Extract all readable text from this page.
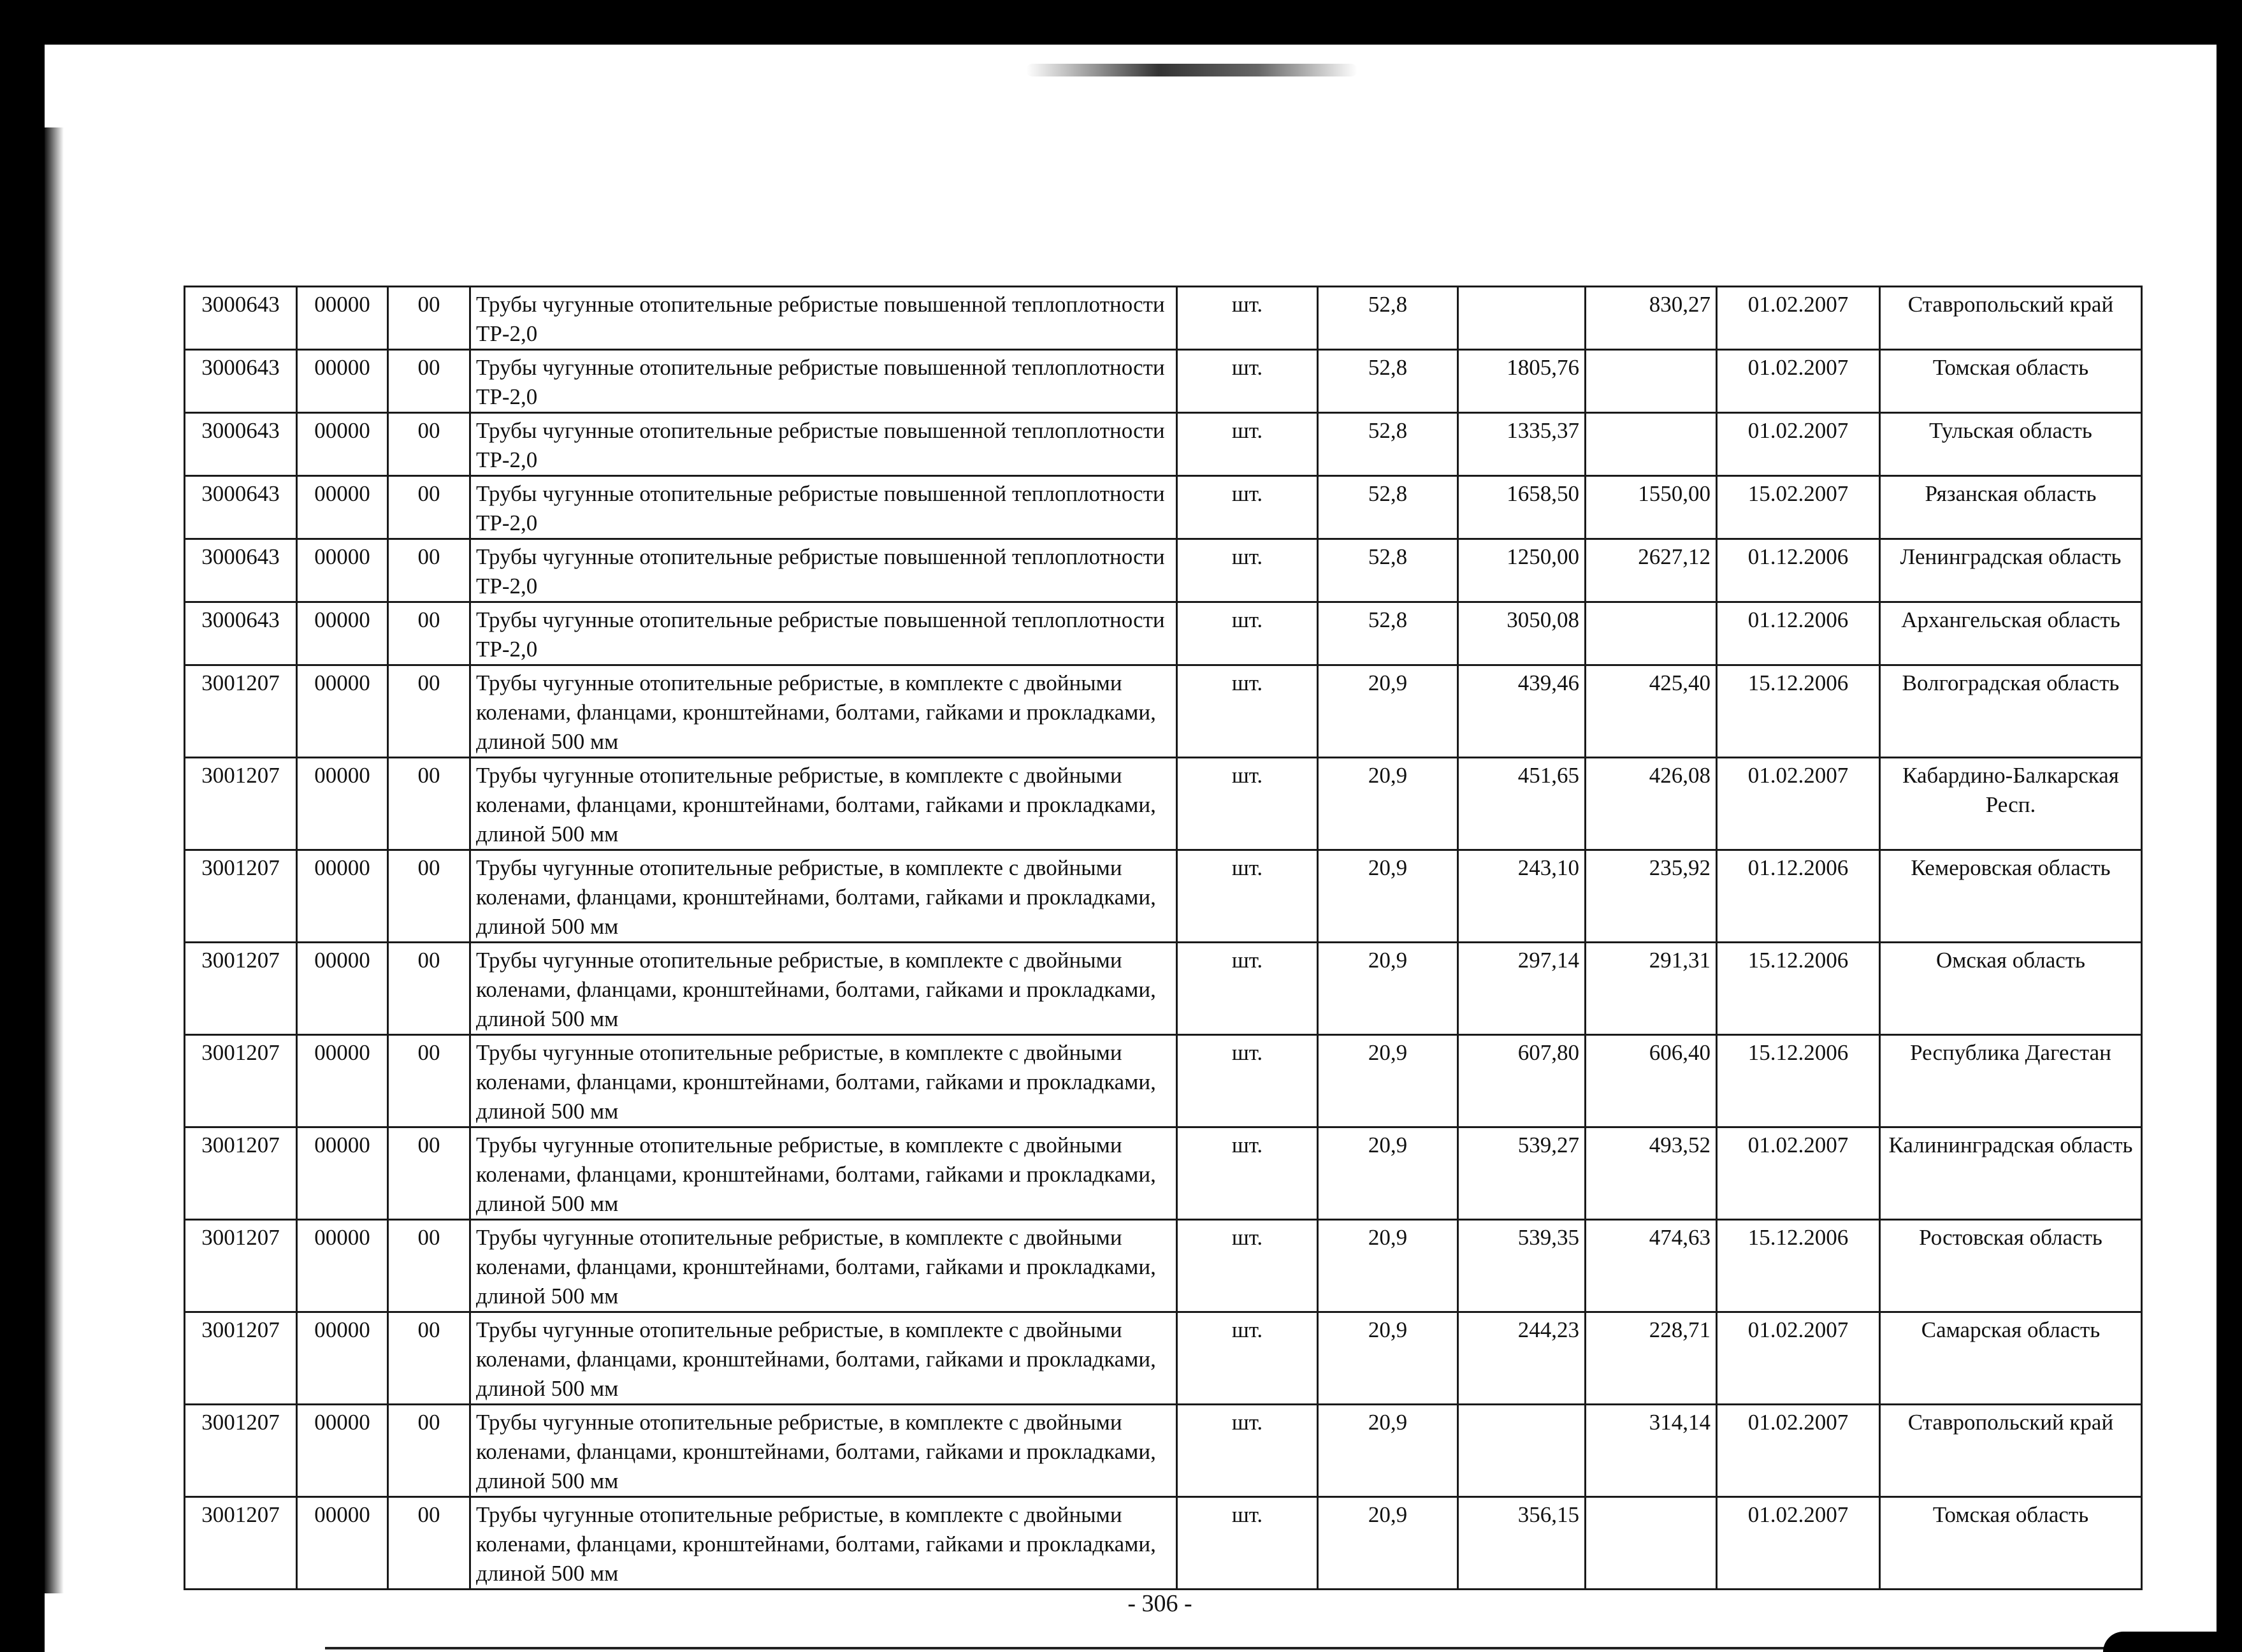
3000643	00000	00	Трубы чугунные отопительные ребристые повышенной теплоплотности ТР-2,0	шт.	52,8		830,27	01.02.2007	Ставропольский край
3000643	00000	00	Трубы чугунные отопительные ребристые повышенной теплоплотности ТР-2,0	шт.	52,8	1805,76		01.02.2007	Томская область
3000643	00000	00	Трубы чугунные отопительные ребристые повышенной теплоплотности ТР-2,0	шт.	52,8	1335,37		01.02.2007	Тульская область
3000643	00000	00	Трубы чугунные отопительные ребристые повышенной теплоплотности ТР-2,0	шт.	52,8	1658,50	1550,00	15.02.2007	Рязанская область
3000643	00000	00	Трубы чугунные отопительные ребристые повышенной теплоплотности ТР-2,0	шт.	52,8	1250,00	2627,12	01.12.2006	Ленинградская область
3000643	00000	00	Трубы чугунные отопительные ребристые повышенной теплоплотности ТР-2,0	шт.	52,8	3050,08		01.12.2006	Архангельская область
3001207	00000	00	Трубы чугунные отопительные ребристые, в комплекте с двойными коленами, фланцами, кронштейнами, болтами, гайками и прокладками, длиной 500 мм	шт.	20,9	439,46	425,40	15.12.2006	Волгоградская область
3001207	00000	00	Трубы чугунные отопительные ребристые, в комплекте с двойными коленами, фланцами, кронштейнами, болтами, гайками и прокладками, длиной 500 мм	шт.	20,9	451,65	426,08	01.02.2007	Кабардино-Балкарская Респ.
3001207	00000	00	Трубы чугунные отопительные ребристые, в комплекте с двойными коленами, фланцами, кронштейнами, болтами, гайками и прокладками, длиной 500 мм	шт.	20,9	243,10	235,92	01.12.2006	Кемеровская область
3001207	00000	00	Трубы чугунные отопительные ребристые, в комплекте с двойными коленами, фланцами, кронштейнами, болтами, гайками и прокладками, длиной 500 мм	шт.	20,9	297,14	291,31	15.12.2006	Омская область
3001207	00000	00	Трубы чугунные отопительные ребристые, в комплекте с двойными коленами, фланцами, кронштейнами, болтами, гайками и прокладками, длиной 500 мм	шт.	20,9	607,80	606,40	15.12.2006	Республика Дагестан
3001207	00000	00	Трубы чугунные отопительные ребристые, в комплекте с двойными коленами, фланцами, кронштейнами, болтами, гайками и прокладками, длиной 500 мм	шт.	20,9	539,27	493,52	01.02.2007	Калининградская область
3001207	00000	00	Трубы чугунные отопительные ребристые, в комплекте с двойными коленами, фланцами, кронштейнами, болтами, гайками и прокладками, длиной 500 мм	шт.	20,9	539,35	474,63	15.12.2006	Ростовская область
3001207	00000	00	Трубы чугунные отопительные ребристые, в комплекте с двойными коленами, фланцами, кронштейнами, болтами, гайками и прокладками, длиной 500 мм	шт.	20,9	244,23	228,71	01.02.2007	Самарская область
3001207	00000	00	Трубы чугунные отопительные ребристые, в комплекте с двойными коленами, фланцами, кронштейнами, болтами, гайками и прокладками, длиной 500 мм	шт.	20,9		314,14	01.02.2007	Ставропольский край
3001207	00000	00	Трубы чугунные отопительные ребристые, в комплекте с двойными коленами, фланцами, кронштейнами, болтами, гайками и прокладками, длиной 500 мм	шт.	20,9	356,15		01.02.2007	Томская область
- 306 -
